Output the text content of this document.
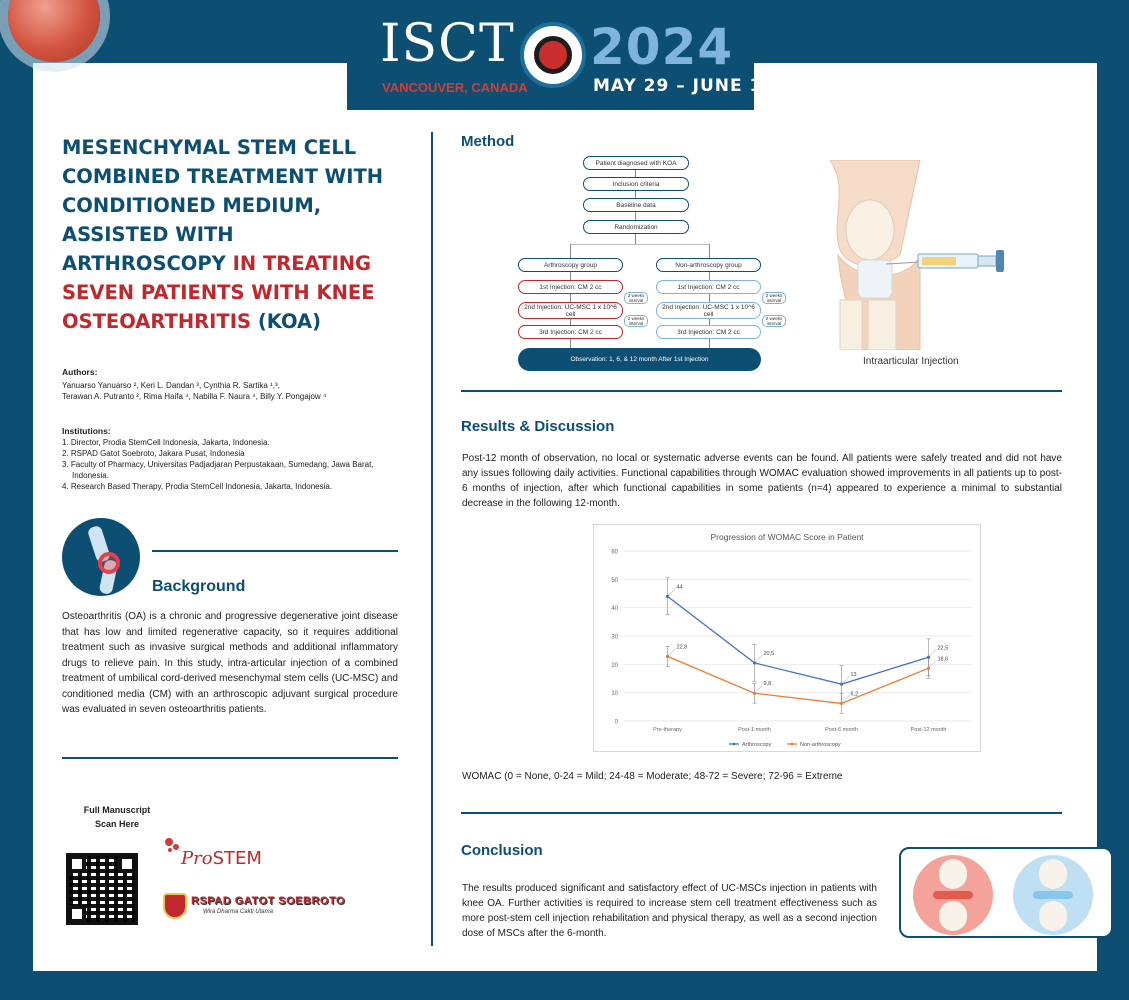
ISCT 2024
VANCOUVER, CANADA	MAY 29 – JUNE 1
MESENCHYMAL STEM CELL COMBINED TREATMENT WITH CONDITIONED MEDIUM, ASSISTED WITH ARTHROSCOPY IN TREATING SEVEN PATIENTS WITH KNEE OSTEOARTHRITIS (KOA)
Authors:
Yanuarso Yanuarso ², Keri L. Dandan ³, Cynthia R. Sartika ¹,³,
Terawan A. Putranto ², Rima Haifa ⁴, Nabilla F. Naura ⁴, Billy Y. Pongajow ⁴
Institutions:
1. Director, Prodia StemCell Indonesia, Jakarta, Indonesia.
2. RSPAD Gatot Soebroto, Jakara Pusat, Indonesia
3. Faculty of Pharmacy, Universitas Padjadjaran Perpustakaan, Sumedang, Jawa Barat, Indonesia.
4. Research Based Therapy, Prodia StemCell Indonesia, Jakarta, Indonesia.
Background
Osteoarthritis (OA) is a chronic and progressive degenerative joint disease that has low and limited regenerative capacity, so it requires additional treatment such as invasive surgical methods and additional inflammatory drugs to relieve pain. In this study, intra-articular injection of a combined treatment of umbilical cord-derived mesenchymal stem cells (UC-MSC) and conditioned media (CM) with an arthroscopic adjuvant surgical procedure was evaluated in seven osteoarthritis patients.
Full Manuscript
Scan Here
ProSTEM
RSPAD GATOT SOEBROTO
Wira Dharma Cakti Utama
Method
Patient diagnosed with KOA
Inclusion criteria
Baseline data
Randomization
Arthroscopy group
1st Injection: CM 2 cc
2nd Injection: UC-MSC 1 x 10^6 cell
3rd Injection: CM 2 cc
2 weeks interval
2 weeks interval
Non-arthroscopy group
1st Injection: CM 2 cc
2nd Injection: UC-MSC 1 x 10^6 cell
3rd Injection: CM 2 cc
2 weeks interval
2 weeks interval
Observation: 1, 6, & 12 month After 1st Injection	Intraarticular Injection
Results & Discussion
Post-12 month of observation, no local or systematic adverse events can be found. All patients were safely treated and did not have any issues following daily activities. Functional capabilities through WOMAC evaluation showed improvements in all patients up to post-6 months of injection, after which functional capabilities in some patients (n=4) appeared to experience a minimal to substantial decrease in the following 12-month.
Progression of WOMAC Score in Patient
0
10
20
30
40
50
60
Pre-therapy	Post-1 month	Post-6 month	Post-12 month
44
20,5
13
22,5
22,8
9,8
6,2
18,6
Arthroscopy	Non-arthroscopy
WOMAC (0 = None, 0-24 = Mild; 24-48 = Moderate; 48-72 = Severe; 72-96 = Extreme
Conclusion
The results produced significant and satisfactory effect of UC-MSCs injection in patients with knee OA. Further activities is required to increase stem cell treatment effectiveness such as more post-stem cell injection rehabilitation and physical therapy, as well as a second injection dose of MSCs after the 6-month.
